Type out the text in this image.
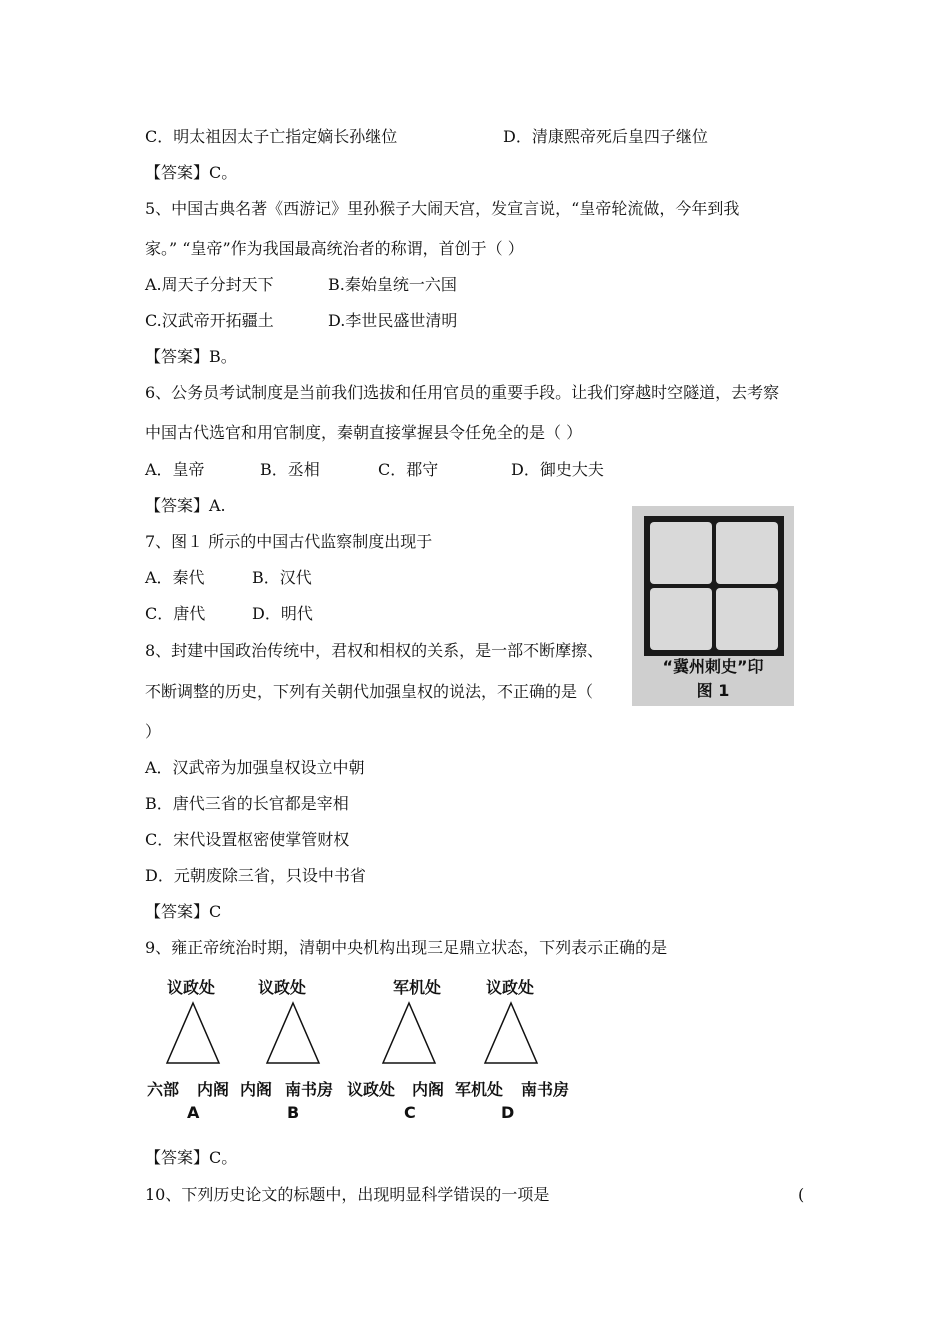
C．明太祖因太子亡指定嫡长孙继位	D．清康熙帝死后皇四子继位
【答案】C。
5、中国古典名著《西游记》里孙猴子大闹天宫，发宣言说，“皇帝轮流做，今年到我
家。” “皇帝”作为我国最高统治者的称谓，首创于（ ）
A.周天子分封天下	B.秦始皇统一六国
C.汉武帝开拓疆土	D.李世民盛世清明
【答案】B。
6、公务员考试制度是当前我们选拔和任用官员的重要手段。让我们穿越时空隧道，去考察
中国古代选官和用官制度，秦朝直接掌握县令任免全的是（ ）
A．皇帝	B．丞相	C．郡守	D．御史大夫
【答案】A.
7、图１ 所示的中国古代监察制度出现于
A．秦代	B．汉代
C．唐代	D．明代
“冀州刺史”印
图 1
8、封建中国政治传统中，君权和相权的关系，是一部不断摩擦、
不断调整的历史，下列有关朝代加强皇权的说法，不正确的是（
）
A．汉武帝为加强皇权设立中朝
B．唐代三省的长官都是宰相
C．宋代设置枢密使掌管财权
D．元朝废除三省，只设中书省
【答案】C
9、雍正帝统治时期，清朝中央机构出现三足鼎立状态，下列表示正确的是
议政处
六部 内阁
A
议政处
内阁 南书房
B
军机处
议政处 内阁
C
议政处
军机处 南书房
D
【答案】C。
10、下列历史论文的标题中，出现明显科学错误的一项是	(
